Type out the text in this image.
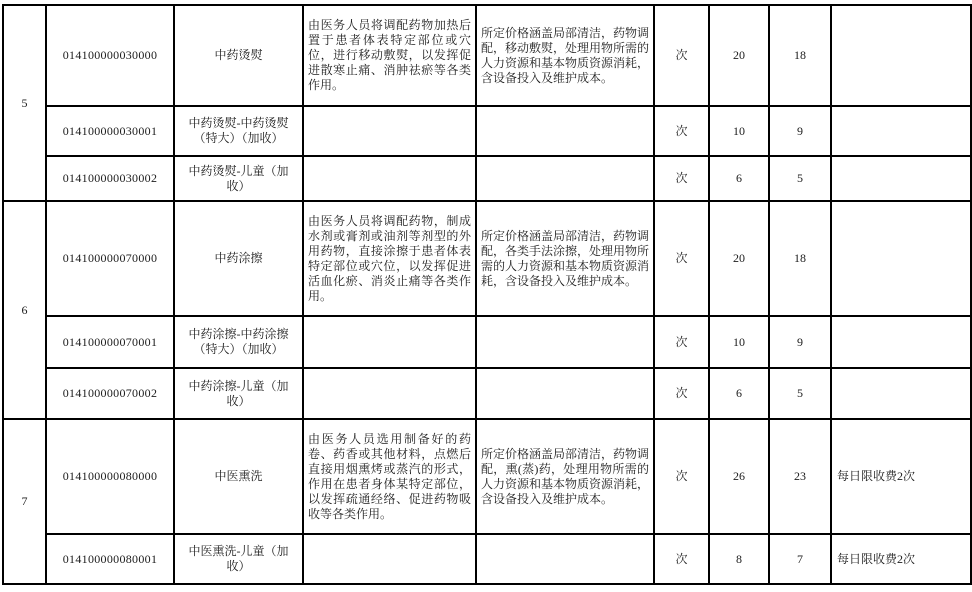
5	014100000030000	中药烫熨	由医务人员将调配药物加热后置于患者体表特定部位或穴位，进行移动敷熨，以发挥促进散寒止痛、消肿祛瘀等各类作用。	所定价格涵盖局部清洁，药物调配，移动敷熨，处理用物所需的人力资源和基本物质资源消耗，含设备投入及维护成本。	次	20	18	
	014100000030001	中药烫熨-中药烫熨（特大）（加收）			次	10	9	
	014100000030002	中药烫熨-儿童（加收）			次	6	5	
6	014100000070000	中药涂擦	由医务人员将调配药物，制成水剂或膏剂或油剂等剂型的外用药物，直接涂擦于患者体表特定部位或穴位，以发挥促进活血化瘀、消炎止痛等各类作用。	所定价格涵盖局部清洁，药物调配，各类手法涂擦，处理用物所需的人力资源和基本物质资源消耗，含设备投入及维护成本。	次	20	18	
	014100000070001	中药涂擦-中药涂擦（特大）（加收）			次	10	9	
	014100000070002	中药涂擦-儿童（加收）			次	6	5	
7	014100000080000	中医熏洗	由医务人员选用制备好的药卷、药香或其他材料，点燃后直接用烟熏烤或蒸汽的形式，作用在患者身体某特定部位，以发挥疏通经络、促进药物吸收等各类作用。	所定价格涵盖局部清洁，药物调配，熏(蒸)药，处理用物所需的人力资源和基本物质资源消耗，含设备投入及维护成本。	次	26	23	每日限收费2次
	014100000080001	中医熏洗-儿童（加收）			次	8	7	每日限收费2次
